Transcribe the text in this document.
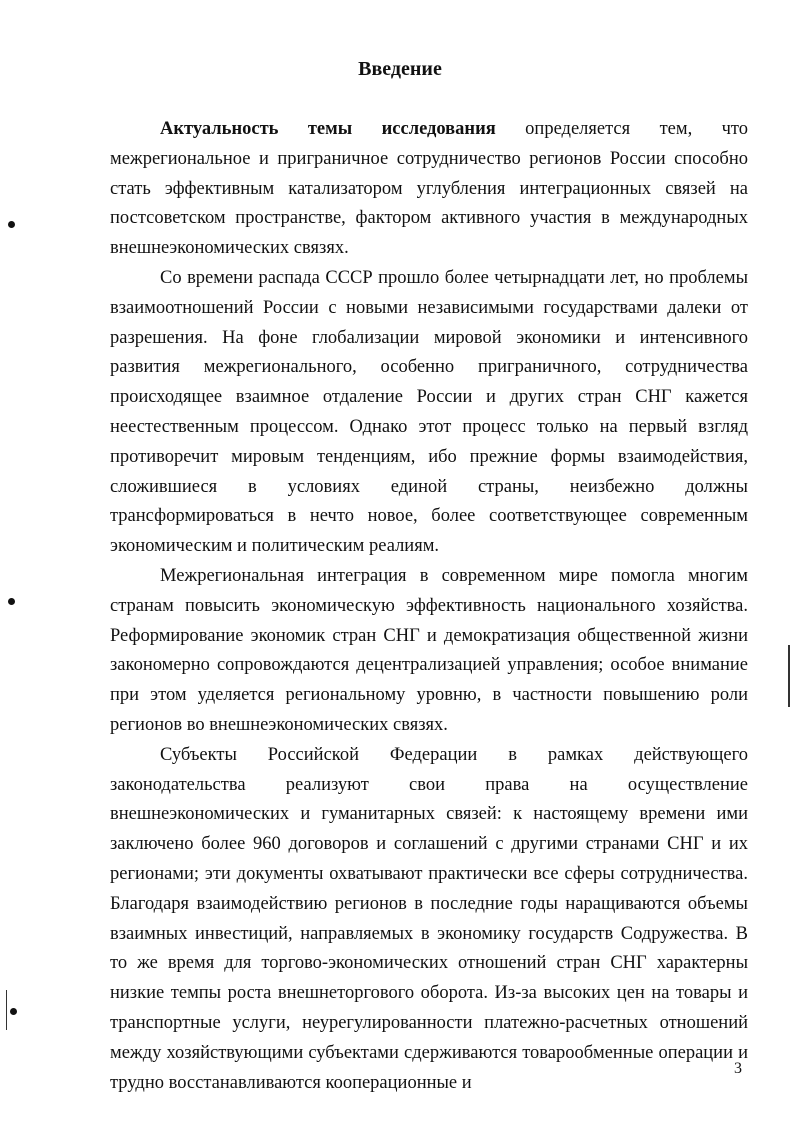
Введение

Актуальность темы исследования определяется тем, что межрегиональное и приграничное сотрудничество регионов России способно стать эффективным катализатором углубления интеграционных связей на постсоветском пространстве, фактором активного участия в международных внешнеэкономических связях.

Со времени распада СССР прошло более четырнадцати лет, но проблемы взаимоотношений России с новыми независимыми государствами далеки от разрешения. На фоне глобализации мировой экономики и интенсивного развития межрегионального, особенно приграничного, сотрудничества происходящее взаимное отдаление России и других стран СНГ кажется неестественным процессом. Однако этот процесс только на первый взгляд противоречит мировым тенденциям, ибо прежние формы взаимодействия, сложившиеся в условиях единой страны, неизбежно должны трансформироваться в нечто новое, более соответствующее современным экономическим и политическим реалиям.

Межрегиональная интеграция в современном мире помогла многим странам повысить экономическую эффективность национального хозяйства. Реформирование экономик стран СНГ и демократизация общественной жизни закономерно сопровождаются децентрализацией управления; особое внимание при этом уделяется региональному уровню, в частности повышению роли регионов во внешнеэкономических связях.

Субъекты Российской Федерации в рамках действующего законодательства реализуют свои права на осуществление внешнеэкономических и гуманитарных связей: к настоящему времени ими заключено более 960 договоров и соглашений с другими странами СНГ и их регионами; эти документы охватывают практически все сферы сотрудничества. Благодаря взаимодействию регионов в последние годы наращиваются объемы взаимных инвестиций, направляемых в экономику государств Содружества. В то же время для торгово-экономических отношений стран СНГ характерны низкие темпы роста внешнеторгового оборота. Из-за высоких цен на товары и транспортные услуги, неурегулированности платежно-расчетных отношений между хозяйствующими субъектами сдерживаются товарообменные операции и трудно восстанавливаются кооперационные и

3
